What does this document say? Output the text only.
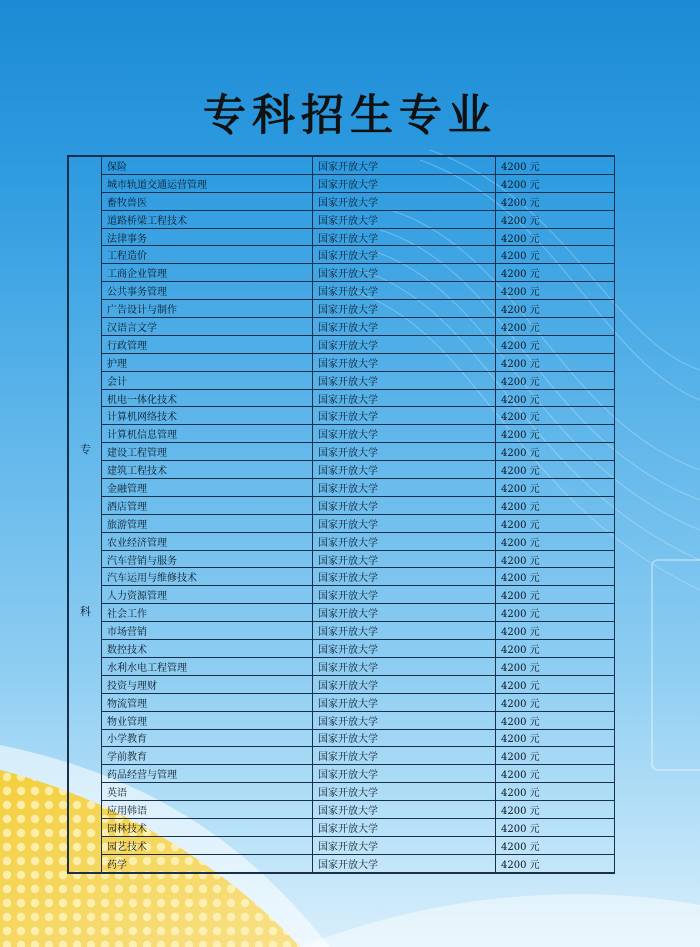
专科招生专业
专
科	保险	国家开放大学	4200 元
	城市轨道交通运营管理	国家开放大学	4200 元
	畜牧兽医	国家开放大学	4200 元
	道路桥梁工程技术	国家开放大学	4200 元
	法律事务	国家开放大学	4200 元
	工程造价	国家开放大学	4200 元
	工商企业管理	国家开放大学	4200 元
	公共事务管理	国家开放大学	4200 元
	广告设计与制作	国家开放大学	4200 元
	汉语言文学	国家开放大学	4200 元
	行政管理	国家开放大学	4200 元
	护理	国家开放大学	4200 元
	会计	国家开放大学	4200 元
	机电一体化技术	国家开放大学	4200 元
	计算机网络技术	国家开放大学	4200 元
	计算机信息管理	国家开放大学	4200 元
	建设工程管理	国家开放大学	4200 元
	建筑工程技术	国家开放大学	4200 元
	金融管理	国家开放大学	4200 元
	酒店管理	国家开放大学	4200 元
	旅游管理	国家开放大学	4200 元
	农业经济管理	国家开放大学	4200 元
	汽车营销与服务	国家开放大学	4200 元
	汽车运用与维修技术	国家开放大学	4200 元
	人力资源管理	国家开放大学	4200 元
	社会工作	国家开放大学	4200 元
	市场营销	国家开放大学	4200 元
	数控技术	国家开放大学	4200 元
	水利水电工程管理	国家开放大学	4200 元
	投资与理财	国家开放大学	4200 元
	物流管理	国家开放大学	4200 元
	物业管理	国家开放大学	4200 元
	小学教育	国家开放大学	4200 元
	学前教育	国家开放大学	4200 元
	药品经营与管理	国家开放大学	4200 元
	英语	国家开放大学	4200 元
	应用韩语	国家开放大学	4200 元
	园林技术	国家开放大学	4200 元
	园艺技术	国家开放大学	4200 元
	药学	国家开放大学	4200 元
